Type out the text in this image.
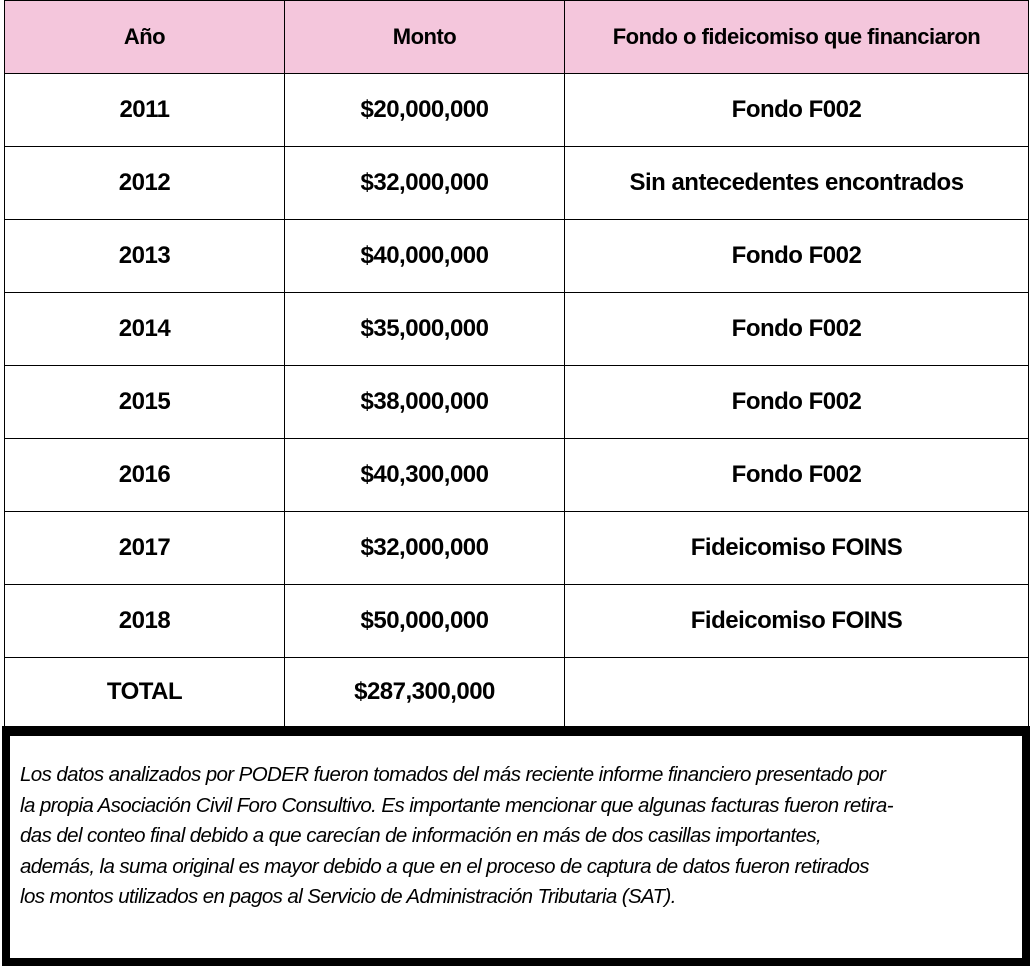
Año	Monto	Fondo o fideicomiso que financiaron
2011	$20,000,000	Fondo F002
2012	$32,000,000	Sin antecedentes encontrados
2013	$40,000,000	Fondo F002
2014	$35,000,000	Fondo F002
2015	$38,000,000	Fondo F002
2016	$40,300,000	Fondo F002
2017	$32,000,000	Fideicomiso FOINS
2018	$50,000,000	Fideicomiso FOINS
TOTAL	$287,300,000	

Los datos analizados por PODER fueron tomados del más reciente informe financiero presentado por
la propia Asociación Civil Foro Consultivo. Es importante mencionar que algunas facturas fueron retira-
das del conteo final debido a que carecían de información en más de dos casillas importantes,
además, la suma original es mayor debido a que en el proceso de captura de datos fueron retirados
los montos utilizados en pagos al Servicio de Administración Tributaria (SAT).
